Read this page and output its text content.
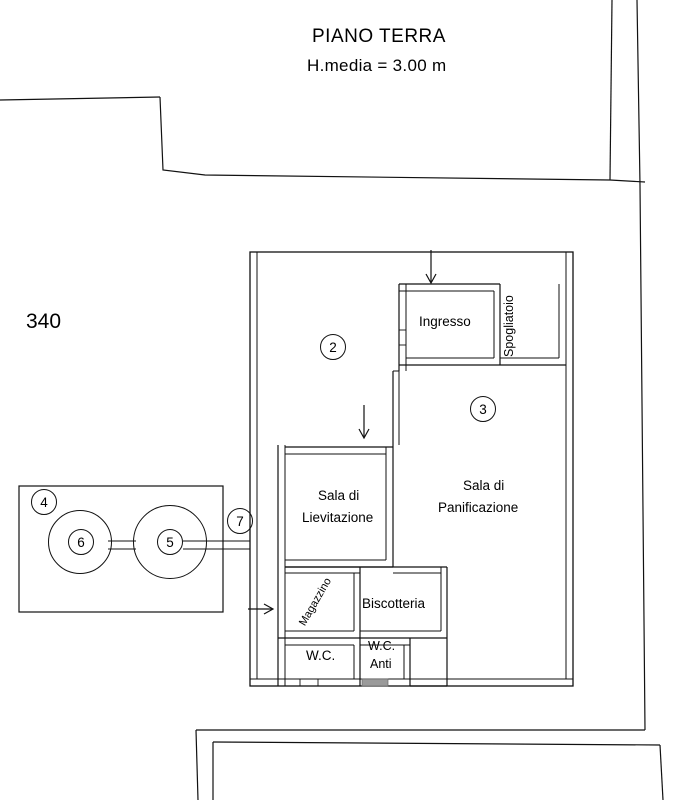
PIANO TERRA
H.media = 3.00 m
340
2
3
4
5
6
7
Ingresso Spogliatoio
Sala di
Lievitazione
Sala di
Panificazione
Magazzino Biscotteria
W.C.
W.C.
Anti
